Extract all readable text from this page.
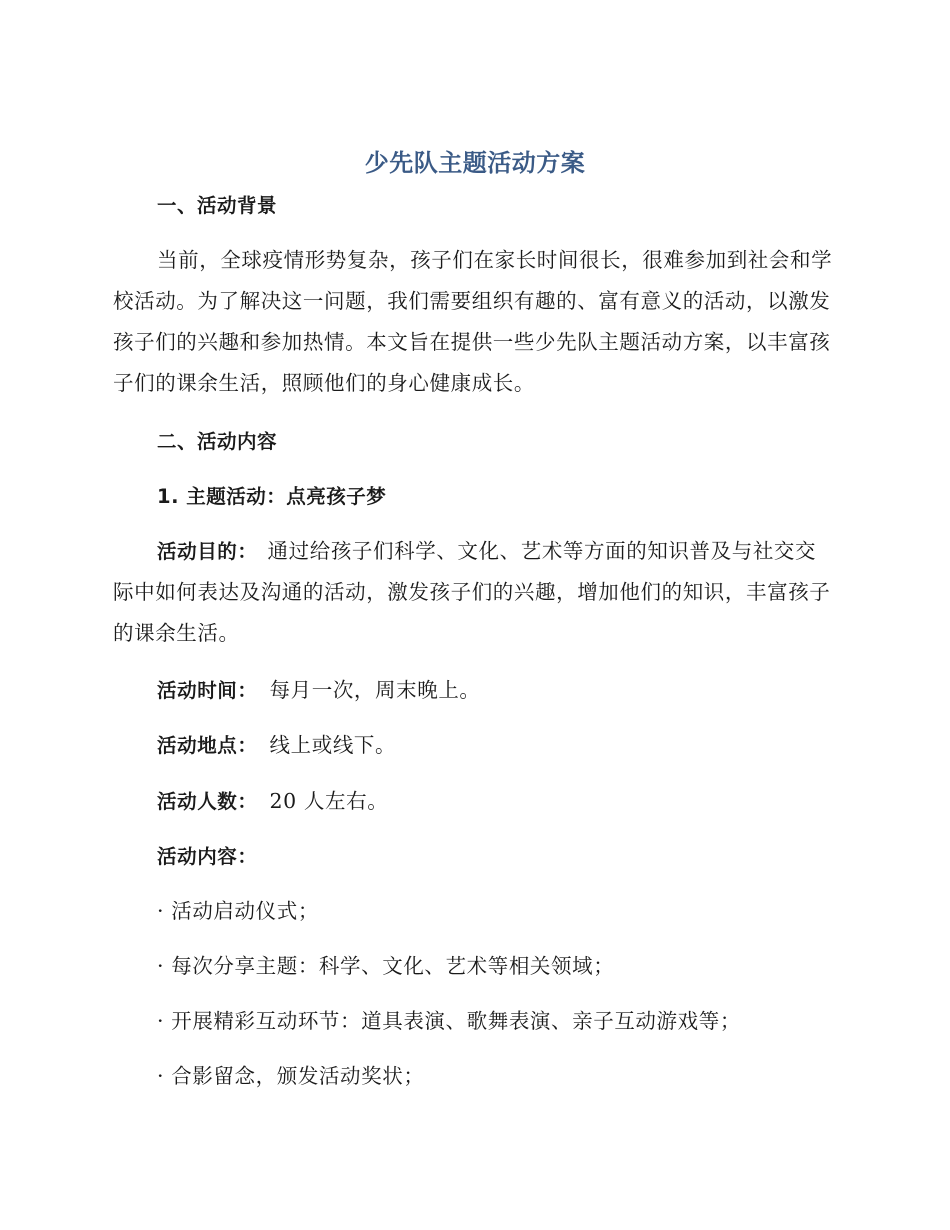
少先队主题活动方案
一、活动背景

当前，全球疫情形势复杂，孩子们在家长时间很长，很难参加到社会和学校活动。为了解决这一问题，我们需要组织有趣的、富有意义的活动，以激发孩子们的兴趣和参加热情。本文旨在提供一些少先队主题活动方案，以丰富孩子们的课余生活，照顾他们的身心健康成长。

二、活动内容
1. 主题活动：点亮孩子梦

活动目的： 通过给孩子们科学、文化、艺术等方面的知识普及与社交交际中如何表达及沟通的活动，激发孩子们的兴趣，增加他们的知识，丰富孩子的课余生活。

活动时间： 每月一次，周末晚上。
活动地点： 线上或线下。
活动人数： 20 人左右。
活动内容：
· 活动启动仪式；
· 每次分享主题：科学、文化、艺术等相关领域；
· 开展精彩互动环节：道具表演、歌舞表演、亲子互动游戏等；
· 合影留念，颁发活动奖状；
